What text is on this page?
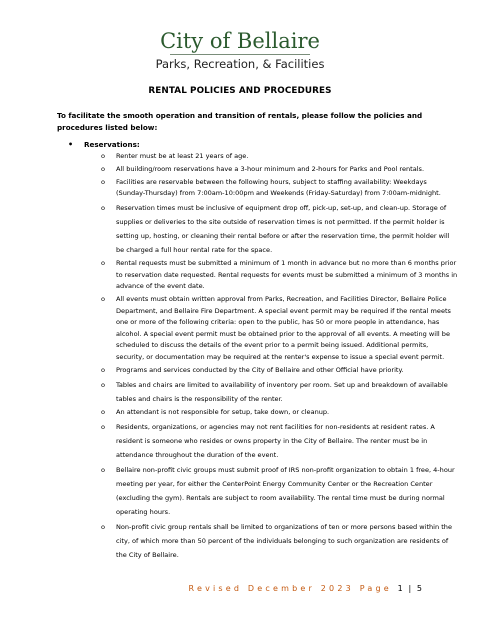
City of Bellaire
Parks, Recreation, & Facilities
RENTAL POLICIES AND PROCEDURES
To facilitate the smooth operation and transition of rentals, please follow the policies and procedures listed below:
• Reservations:
o Renter must be at least 21 years of age.
o All building/room reservations have a 3-hour minimum and 2-hours for Parks and Pool rentals.
o Facilities are reservable between the following hours, subject to staffing availability: Weekdays (Sunday-Thursday) from 7:00am-10:00pm and Weekends (Friday-Saturday) from 7:00am-midnight.
o Reservation times must be inclusive of equipment drop off, pick-up, set-up, and clean-up. Storage of supplies or deliveries to the site outside of reservation times is not permitted. If the permit holder is setting up, hosting, or cleaning their rental before or after the reservation time, the permit holder will be charged a full hour rental rate for the space.
o Rental requests must be submitted a minimum of 1 month in advance but no more than 6 months prior to reservation date requested. Rental requests for events must be submitted a minimum of 3 months in advance of the event date.
o All events must obtain written approval from Parks, Recreation, and Facilities Director, Bellaire Police Department, and Bellaire Fire Department. A special event permit may be required if the rental meets one or more of the following criteria: open to the public, has 50 or more people in attendance, has alcohol. A special event permit must be obtained prior to the approval of all events. A meeting will be scheduled to discuss the details of the event prior to a permit being issued. Additional permits, security, or documentation may be required at the renter's expense to issue a special event permit.
o Programs and services conducted by the City of Bellaire and other Official have priority.
o Tables and chairs are limited to availability of inventory per room. Set up and breakdown of available tables and chairs is the responsibility of the renter.
o An attendant is not responsible for setup, take down, or cleanup.
o Residents, organizations, or agencies may not rent facilities for non-residents at resident rates. A resident is someone who resides or owns property in the City of Bellaire. The renter must be in attendance throughout the duration of the event.
o Bellaire non-profit civic groups must submit proof of IRS non-profit organization to obtain 1 free, 4-hour meeting per year, for either the CenterPoint Energy Community Center or the Recreation Center (excluding the gym). Rentals are subject to room availability. The rental time must be during normal operating hours.
o Non-profit civic group rentals shall be limited to organizations of ten or more persons based within the city, of which more than 50 percent of the individuals belonging to such organization are residents of the City of Bellaire.
Revised December 2023 Page 1 | 5
